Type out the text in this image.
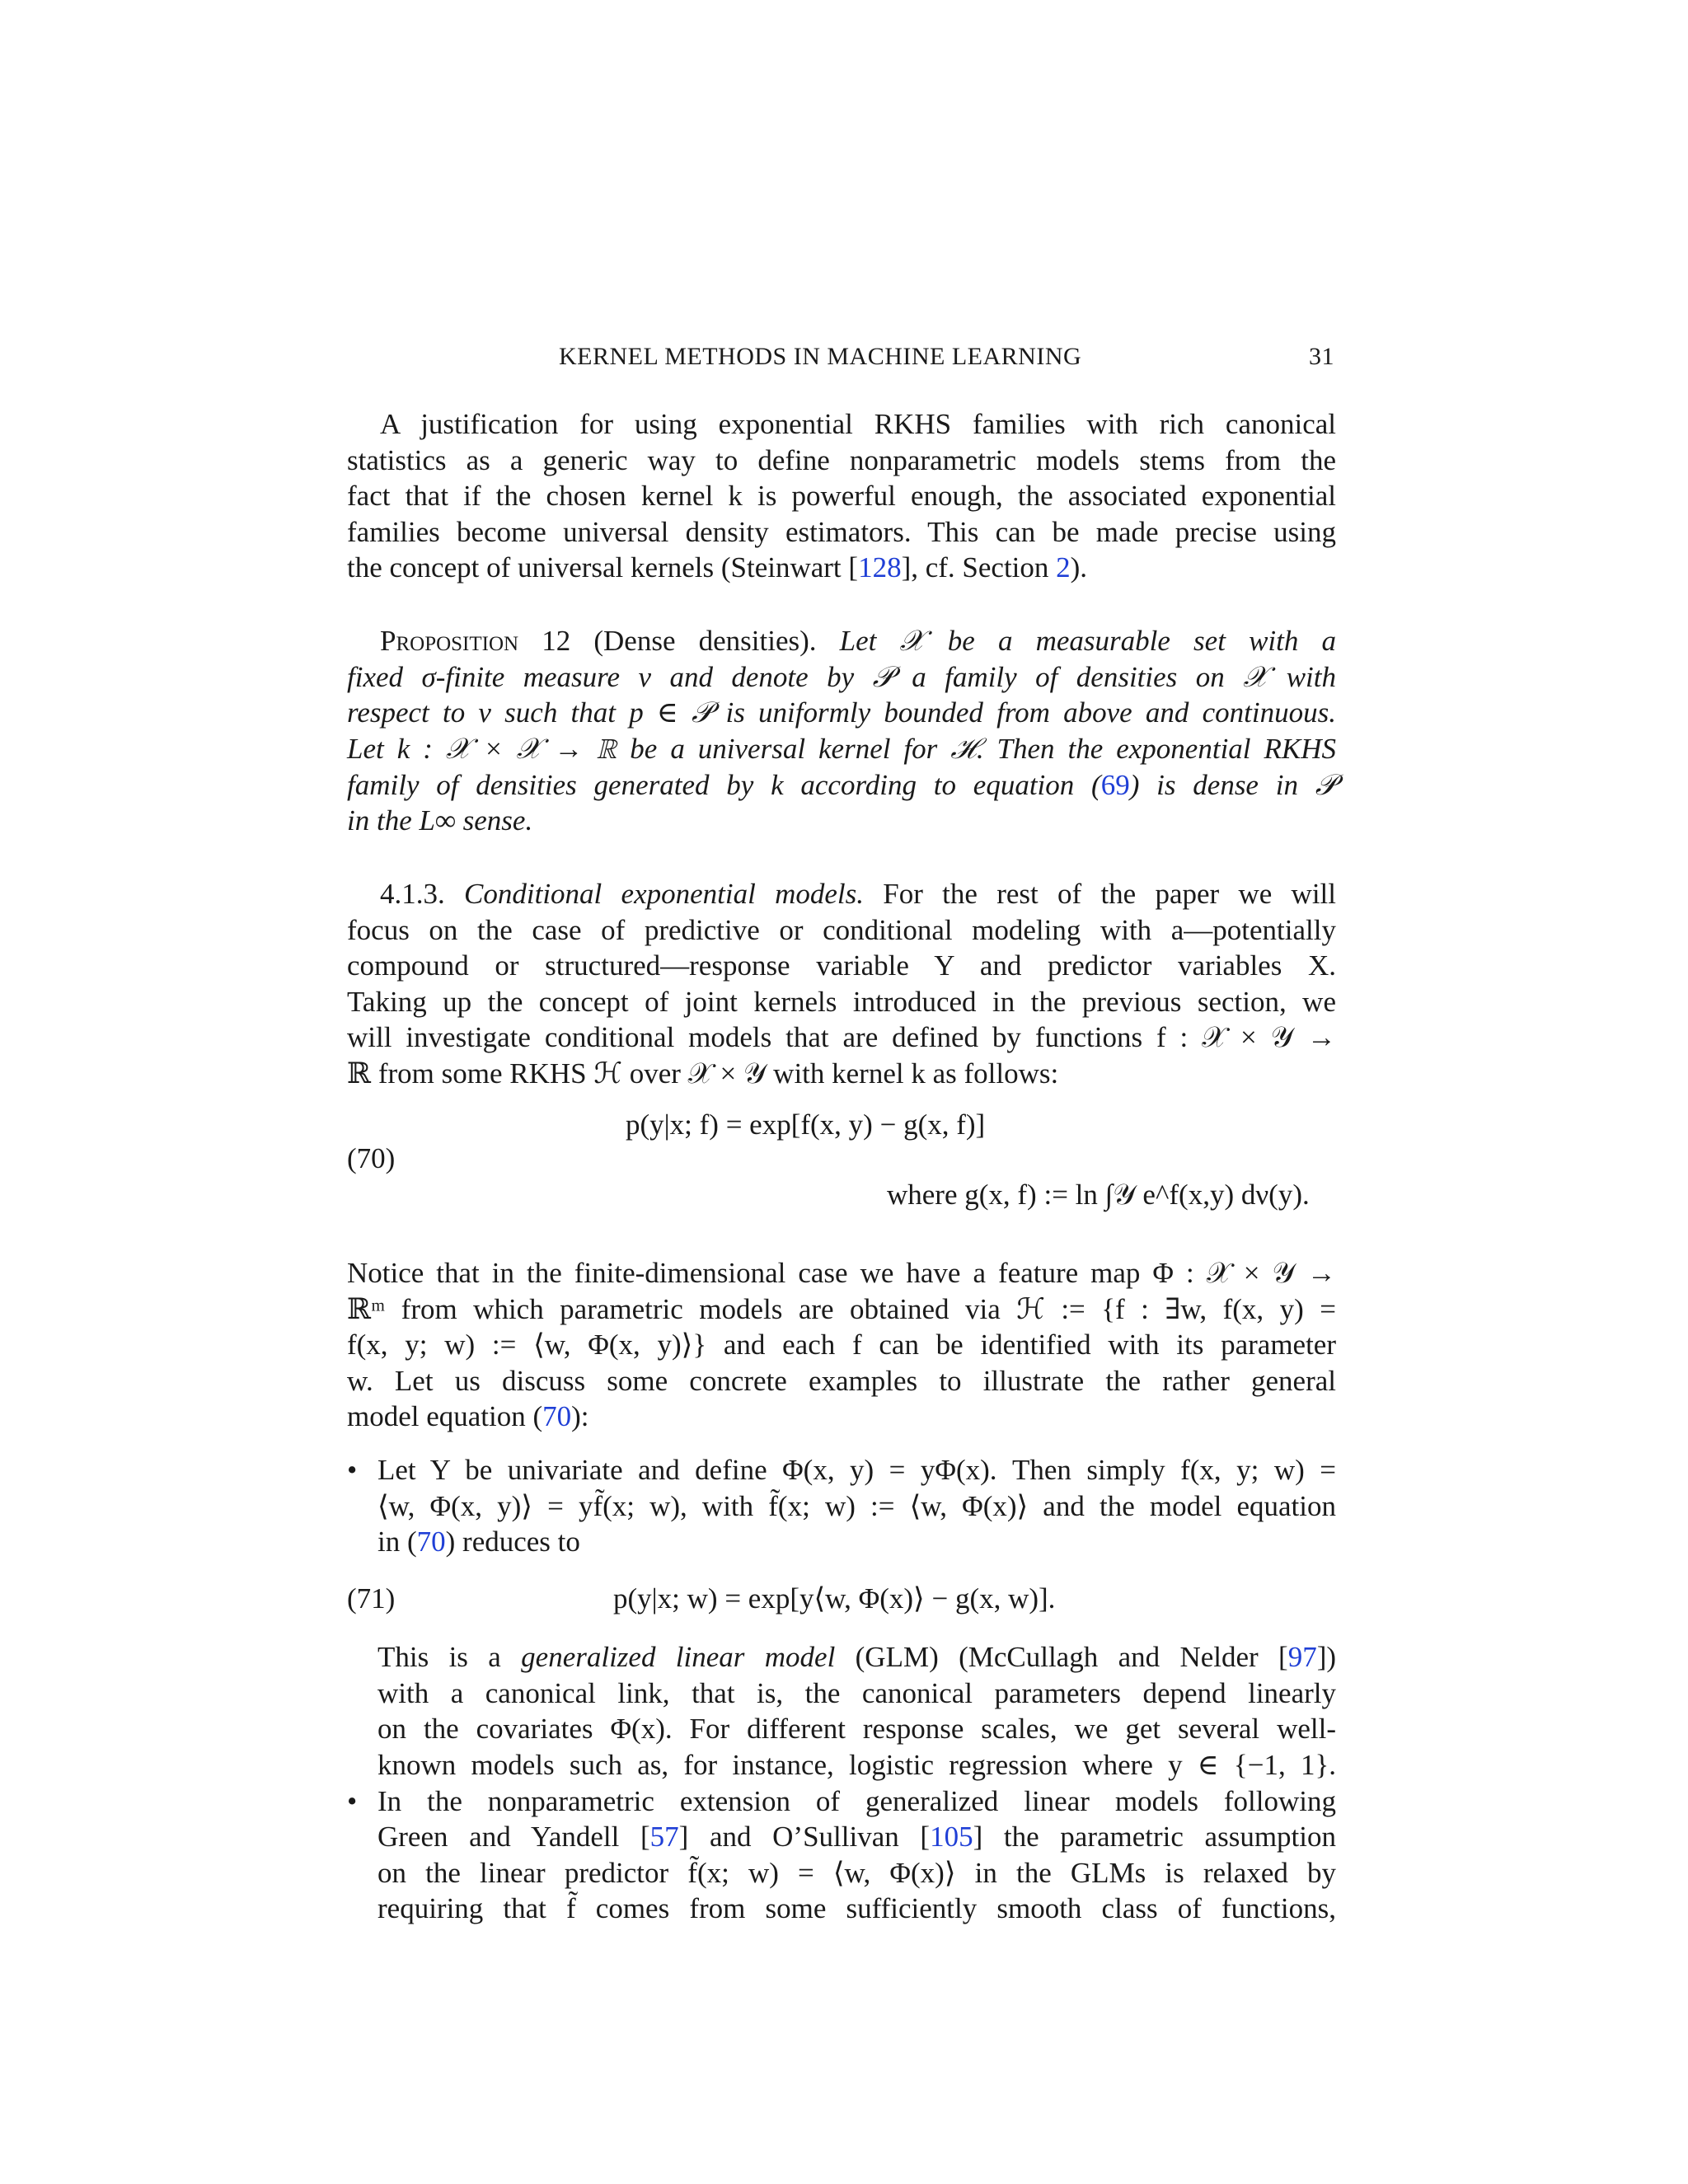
KERNEL METHODS IN MACHINE LEARNING	31
A justification for using exponential RKHS families with rich canonical
statistics as a generic way to define nonparametric models stems from the
fact that if the chosen kernel k is powerful enough, the associated exponential
families become universal density estimators. This can be made precise using
the concept of universal kernels (Steinwart [128], cf. Section 2).
Proposition 12 (Dense densities). Let 𝒳 be a measurable set with a
fixed σ-finite measure ν and denote by 𝒫 a family of densities on 𝒳 with
respect to ν such that p ∈ 𝒫 is uniformly bounded from above and continuous.
Let k : 𝒳 × 𝒳 → ℝ be a universal kernel for ℋ. Then the exponential RKHS
family of densities generated by k according to equation (69) is dense in 𝒫
in the L∞ sense.
4.1.3. Conditional exponential models. For the rest of the paper we will
focus on the case of predictive or conditional modeling with a—potentially
compound or structured—response variable Y and predictor variables X.
Taking up the concept of joint kernels introduced in the previous section, we
will investigate conditional models that are defined by functions f : 𝒳 × 𝒴 →
ℝ from some RKHS ℋ over 𝒳 × 𝒴 with kernel k as follows:
(70)
p(y|x; f) = exp[f(x, y) − g(x, f)]
where g(x, f) := ln ∫𝒴 e^f(x,y) dν(y).
Notice that in the finite-dimensional case we have a feature map Φ : 𝒳 × 𝒴 →
ℝᵐ from which parametric models are obtained via ℋ := {f : ∃w, f(x, y) =
f(x, y; w) := ⟨w, Φ(x, y)⟩} and each f can be identified with its parameter
w. Let us discuss some concrete examples to illustrate the rather general
model equation (70):
• Let Y be univariate and define Φ(x, y) = yΦ(x). Then simply f(x, y; w) =
⟨w, Φ(x, y)⟩ = yf̃(x; w), with f̃(x; w) := ⟨w, Φ(x)⟩ and the model equation
in (70) reduces to
(71)	p(y|x; w) = exp[y⟨w, Φ(x)⟩ − g(x, w)].
This is a generalized linear model (GLM) (McCullagh and Nelder [97])
with a canonical link, that is, the canonical parameters depend linearly
on the covariates Φ(x). For different response scales, we get several well-
known models such as, for instance, logistic regression where y ∈ {−1, 1}.
• In the nonparametric extension of generalized linear models following
Green and Yandell [57] and O’Sullivan [105] the parametric assumption
on the linear predictor f̃(x; w) = ⟨w, Φ(x)⟩ in the GLMs is relaxed by
requiring that f̃ comes from some sufficiently smooth class of functions,
